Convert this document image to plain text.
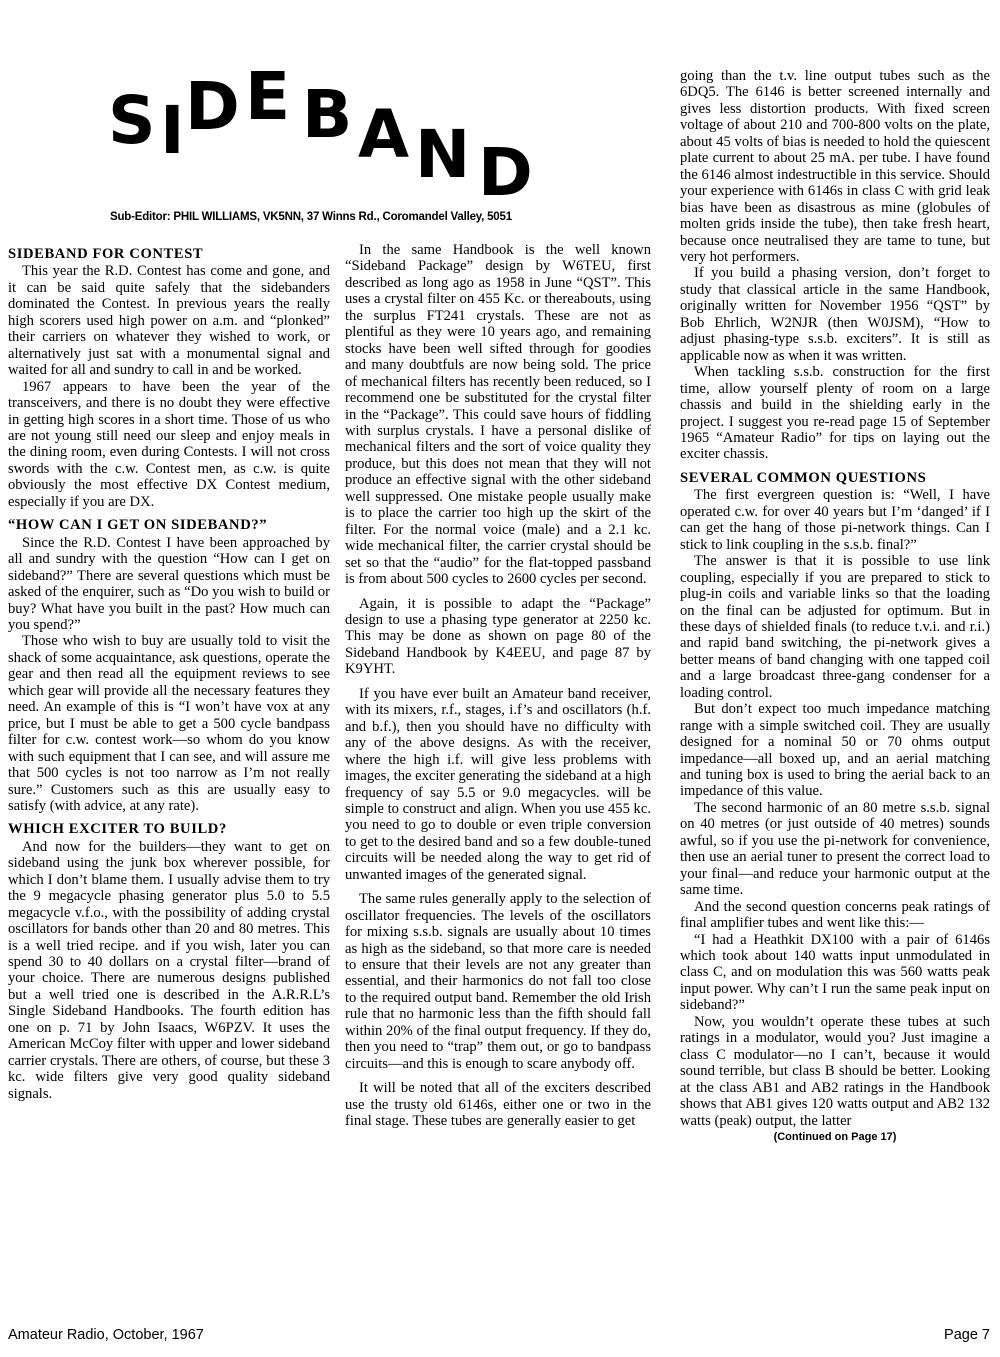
S I D E B A N D
Sub-Editor: PHIL WILLIAMS, VK5NN, 37 Winns Rd., Coromandel Valley, 5051
SIDEBAND FOR CONTEST

This year the R.D. Contest has come and gone, and it can be said quite safely that the sidebanders dominated the Contest. In previous years the really high scorers used high power on a.m. and “plonked” their carriers on whatever they wished to work, or alternatively just sat with a monumental signal and waited for all and sundry to call in and be worked.

1967 appears to have been the year of the transceivers, and there is no doubt they were effective in getting high scores in a short time. Those of us who are not young still need our sleep and enjoy meals in the dining room, even during Contests. I will not cross swords with the c.w. Contest men, as c.w. is quite obviously the most effective DX Contest medium, especially if you are DX.

“HOW CAN I GET ON SIDEBAND?”

Since the R.D. Contest I have been approached by all and sundry with the question “How can I get on sideband?” There are several questions which must be asked of the enquirer, such as “Do you wish to build or buy? What have you built in the past? How much can you spend?”

Those who wish to buy are usually told to visit the shack of some acquaintance, ask questions, operate the gear and then read all the equipment reviews to see which gear will provide all the necessary features they need. An example of this is “I won’t have vox at any price, but I must be able to get a 500 cycle bandpass filter for c.w. contest work—so whom do you know with such equipment that I can see, and will assure me that 500 cycles is not too narrow as I’m not really sure.” Customers such as this are usually easy to satisfy (with advice, at any rate).

WHICH EXCITER TO BUILD?

And now for the builders—they want to get on sideband using the junk box wherever possible, for which I don’t blame them. I usually advise them to try the 9 megacycle phasing generator plus 5.0 to 5.5 megacycle v.f.o., with the possibility of adding crystal oscillators for bands other than 20 and 80 metres. This is a well tried recipe. and if you wish, later you can spend 30 to 40 dollars on a crystal filter—brand of your choice. There are numerous designs published but a well tried one is described in the A.R.R.L’s Single Sideband Handbooks. The fourth edition has one on p. 71 by John Isaacs, W6PZV. It uses the American McCoy filter with upper and lower sideband carrier crystals. There are others, of course, but these 3 kc. wide filters give very good quality sideband signals.

In the same Handbook is the well known “Sideband Package” design by W6TEU, first described as long ago as 1958 in June “QST”. This uses a crystal filter on 455 Kc. or thereabouts, using the surplus FT241 crystals. These are not as plentiful as they were 10 years ago, and remaining stocks have been well sifted through for goodies and many doubtfuls are now being sold. The price of mechanical filters has recently been reduced, so I recommend one be substituted for the crystal filter in the “Package”. This could save hours of fiddling with surplus crystals. I have a personal dislike of mechanical filters and the sort of voice quality they produce, but this does not mean that they will not produce an effective signal with the other sideband well suppressed. One mistake people usually make is to place the carrier too high up the skirt of the filter. For the normal voice (male) and a 2.1 kc. wide mechanical filter, the carrier crystal should be set so that the “audio” for the flat-topped passband is from about 500 cycles to 2600 cycles per second.

Again, it is possible to adapt the “Package” design to use a phasing type generator at 2250 kc. This may be done as shown on page 80 of the Sideband Handbook by K4EEU, and page 87 by K9YHT.

If you have ever built an Amateur band receiver, with its mixers, r.f., stages, i.f’s and oscillators (h.f. and b.f.), then you should have no difficulty with any of the above designs. As with the receiver, where the high i.f. will give less problems with images, the exciter generating the sideband at a high frequency of say 5.5 or 9.0 megacycles. will be simple to construct and align. When you use 455 kc. you need to go to double or even triple conversion to get to the desired band and so a few double-tuned circuits will be needed along the way to get rid of unwanted images of the generated signal.

The same rules generally apply to the selection of oscillator frequencies. The levels of the oscillators for mixing s.s.b. signals are usually about 10 times as high as the sideband, so that more care is needed to ensure that their levels are not any greater than essential, and their harmonics do not fall too close to the required output band. Remember the old Irish rule that no harmonic less than the fifth should fall within 20% of the final output frequency. If they do, then you need to “trap” them out, or go to bandpass circuits—and this is enough to scare anybody off.

It will be noted that all of the exciters described use the trusty old 6146s, either one or two in the final stage. These tubes are generally easier to get

going than the t.v. line output tubes such as the 6DQ5. The 6146 is better screened internally and gives less distortion products. With fixed screen voltage of about 210 and 700-800 volts on the plate, about 45 volts of bias is needed to hold the quiescent plate current to about 25 mA. per tube. I have found the 6146 almost indestructible in this service. Should your experience with 6146s in class C with grid leak bias have been as disastrous as mine (globules of molten grids inside the tube), then take fresh heart, because once neutralised they are tame to tune, but very hot performers.

If you build a phasing version, don’t forget to study that classical article in the same Handbook, originally written for November 1956 “QST” by Bob Ehrlich, W2NJR (then W0JSM), “How to adjust phasing-type s.s.b. exciters”. It is still as applicable now as when it was written.

When tackling s.s.b. construction for the first time, allow yourself plenty of room on a large chassis and build in the shielding early in the project. I suggest you re-read page 15 of September 1965 “Amateur Radio” for tips on laying out the exciter chassis.

SEVERAL COMMON QUESTIONS

The first evergreen question is: “Well, I have operated c.w. for over 40 years but I’m ‘danged’ if I can get the hang of those pi-network things. Can I stick to link coupling in the s.s.b. final?”

The answer is that it is possible to use link coupling, especially if you are prepared to stick to plug-in coils and variable links so that the loading on the final can be adjusted for optimum. But in these days of shielded finals (to reduce t.v.i. and r.i.) and rapid band switching, the pi-network gives a better means of band changing with one tapped coil and a large broadcast three-gang condenser for a loading control.

But don’t expect too much impedance matching range with a simple switched coil. They are usually designed for a nominal 50 or 70 ohms output impedance—all boxed up, and an aerial matching and tuning box is used to bring the aerial back to an impedance of this value.

The second harmonic of an 80 metre s.s.b. signal on 40 metres (or just outside of 40 metres) sounds awful, so if you use the pi-network for convenience, then use an aerial tuner to present the correct load to your final—and reduce your harmonic output at the same time.

And the second question concerns peak ratings of final amplifier tubes and went like this:—

“I had a Heathkit DX100 with a pair of 6146s which took about 140 watts input unmodulated in class C, and on modulation this was 560 watts peak input power. Why can’t I run the same peak input on sideband?”

Now, you wouldn’t operate these tubes at such ratings in a modulator, would you? Just imagine a class C modulator—no I can’t, because it would sound terrible, but class B should be better. Looking at the class AB1 and AB2 ratings in the Handbook shows that AB1 gives 120 watts output and AB2 132 watts (peak) output, the latter

(Continued on Page 17)

Amateur Radio, October, 1967	Page 7
